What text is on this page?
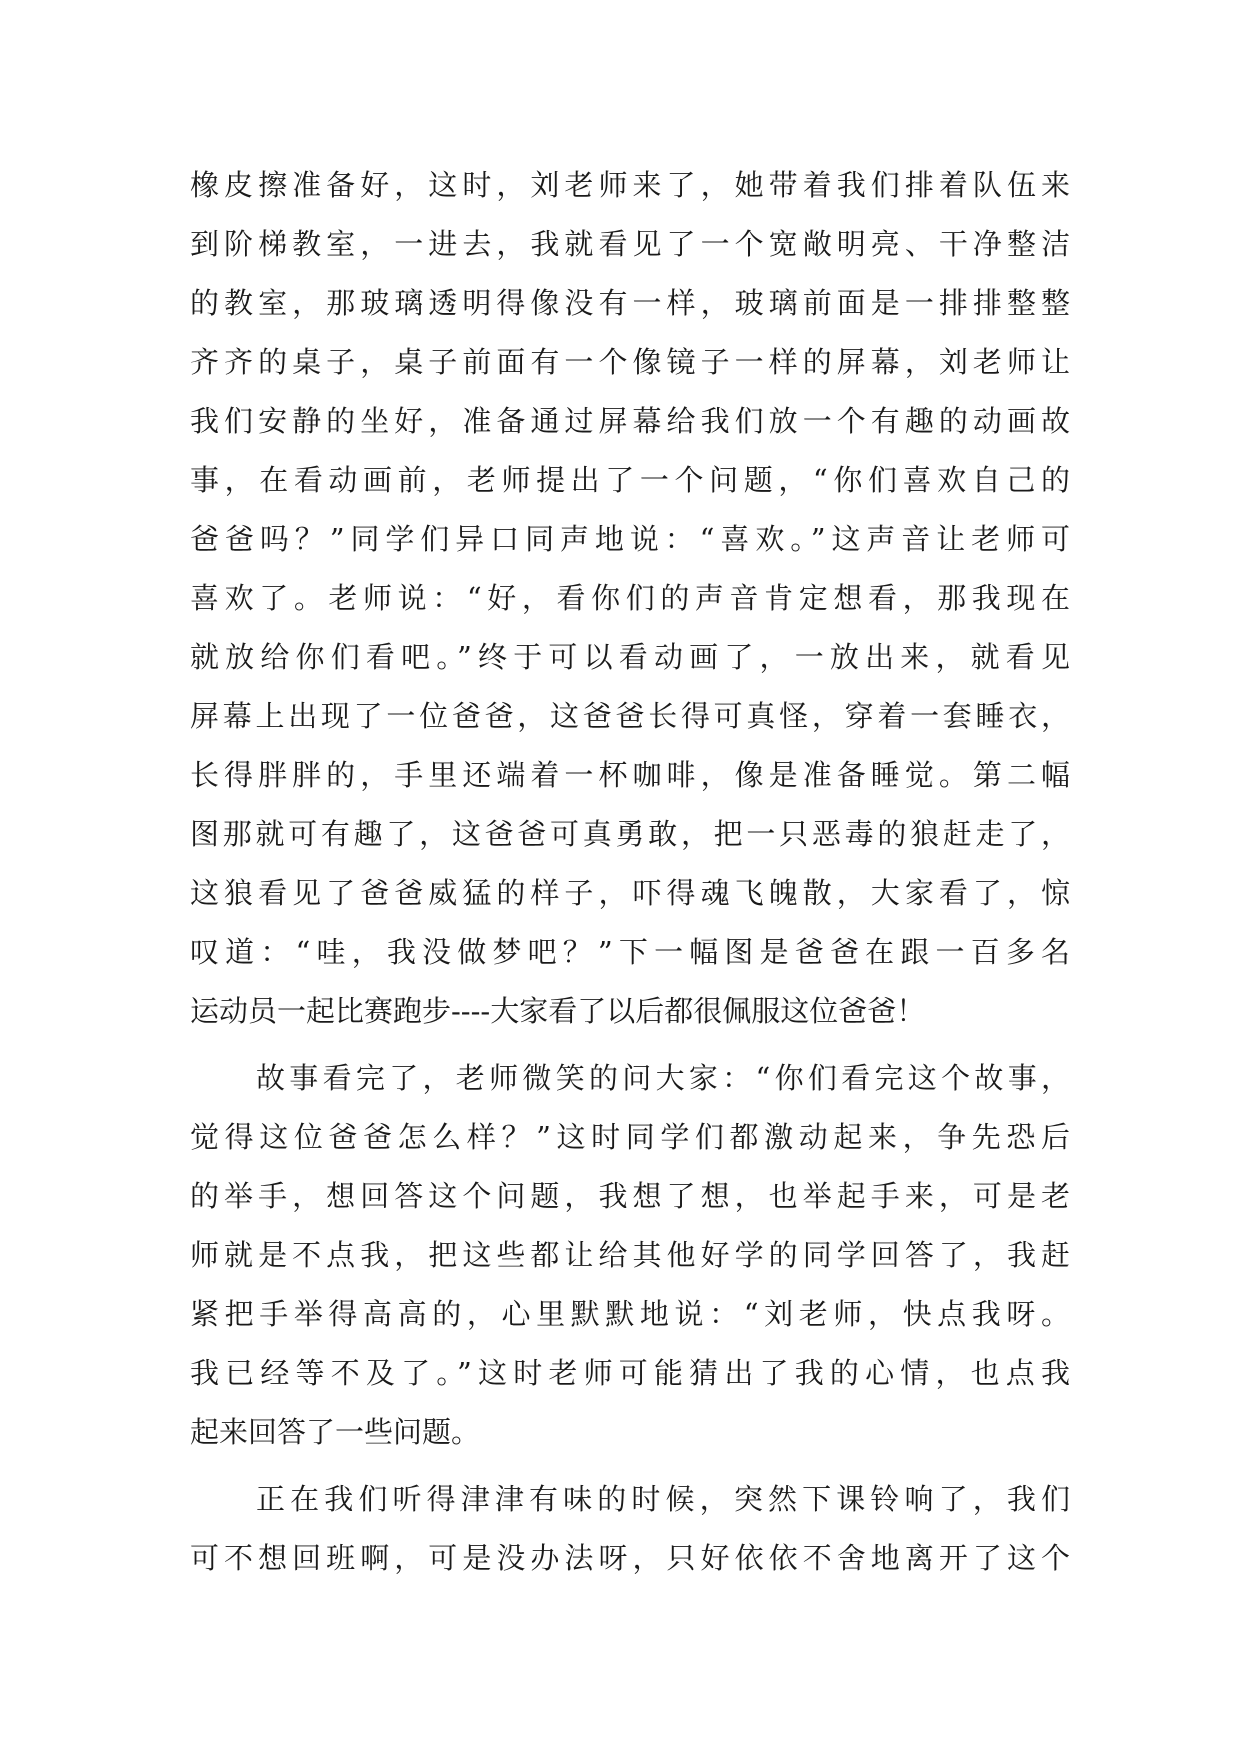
橡皮擦准备好，这时，刘老师来了，她带着我们排着队伍来
到阶梯教室，一进去，我就看见了一个宽敞明亮、干净整洁
的教室，那玻璃透明得像没有一样，玻璃前面是一排排整整
齐齐的桌子，桌子前面有一个像镜子一样的屏幕，刘老师让
我们安静的坐好，准备通过屏幕给我们放一个有趣的动画故
事，在看动画前，老师提出了一个问题，“你们喜欢自己的
爸爸吗？”同学们异口同声地说：“喜欢。”这声音让老师可
喜欢了。老师说：“好，看你们的声音肯定想看，那我现在
就放给你们看吧。”终于可以看动画了，一放出来，就看见
屏幕上出现了一位爸爸，这爸爸长得可真怪，穿着一套睡衣，
长得胖胖的，手里还端着一杯咖啡，像是准备睡觉。第二幅
图那就可有趣了，这爸爸可真勇敢，把一只恶毒的狼赶走了，
这狼看见了爸爸威猛的样子，吓得魂飞魄散，大家看了，惊
叹道：“哇，我没做梦吧？”下一幅图是爸爸在跟一百多名
运动员一起比赛跑步----大家看了以后都很佩服这位爸爸！
故事看完了，老师微笑的问大家：“你们看完这个故事，
觉得这位爸爸怎么样？”这时同学们都激动起来，争先恐后
的举手，想回答这个问题，我想了想，也举起手来，可是老
师就是不点我，把这些都让给其他好学的同学回答了，我赶
紧把手举得高高的，心里默默地说：“刘老师，快点我呀。
我已经等不及了。”这时老师可能猜出了我的心情，也点我
起来回答了一些问题。
正在我们听得津津有味的时候，突然下课铃响了，我们
可不想回班啊，可是没办法呀，只好依依不舍地离开了这个
